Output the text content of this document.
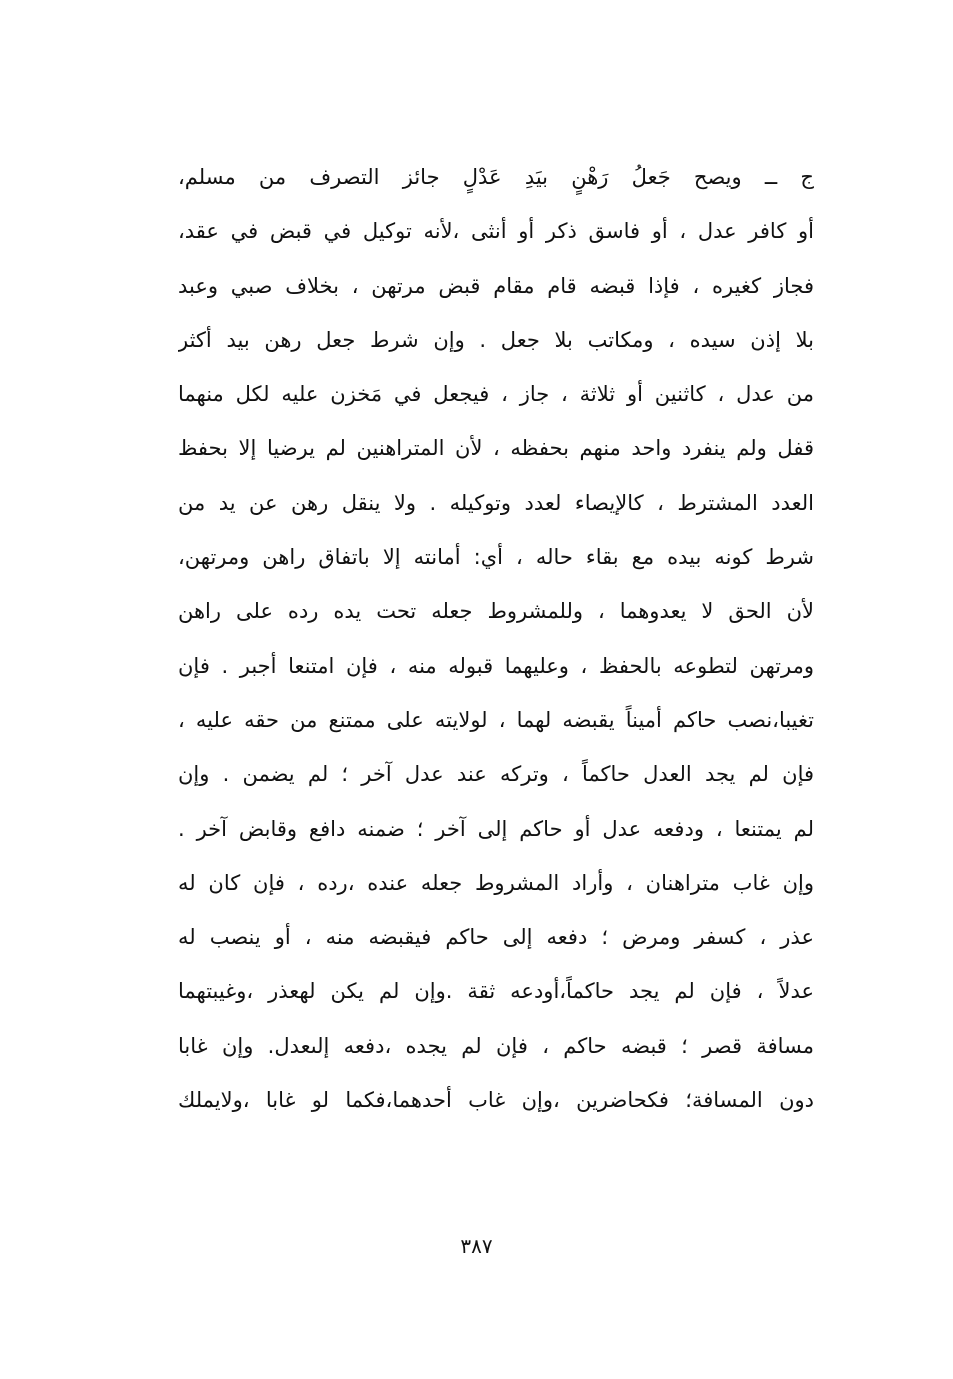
ج ــ ويصح جَعلُ رَهْنٍ بيَدِ عَدْلٍ جائز التصرف من مسلم،
أو كافر عدل ، أو فاسق ذكر أو أنثى ،لأنه توكيل في قبض في عقد،
فجاز كغيره ، فإذا قبضه قام مقام قبض مرتهن ، بخلاف صبي وعبد
بلا إذن سيده ، ومكاتب بلا جعل . وإن شرط جعل رهن بيد أكثر
من عدل ، كاثنين أو ثلاثة ، جاز ، فيجعل في مَخزن عليه لكل منهما
قفل ولم ينفرد واحد منهم بحفظه ، لأن المتراهنين لم يرضيا إلا بحفظ
العدد المشترط ، كالإيصاء لعدد وتوكيله . ولا ينقل رهن عن يد من
شرط كونه بيده مع بقاء حاله ، أي: أمانته إلا باتفاق راهن ومرتهن،
لأن الحق لا يعدوهما ، وللمشروط جعله تحت يده رده على راهن
ومرتهن لتطوعه بالحفظ ، وعليهما قبوله منه ، فإن امتنعا أجبر . فإن
تغيبا،نصب حاكم أميناً يقبضه لهما ، لولايته على ممتنع من حقه عليه ،
فإن لم يجد العدل حاكماً ، وتركه عند عدل آخر ؛ لم يضمن . وإن
لم يمتنعا ، ودفعه عدل أو حاكم إلى آخر ؛ ضمنه دافع وقابض آخر .
وإن غاب متراهنان ، وأراد المشروط جعله عنده ،رده ، فإن كان له
عذر ، كسفر ومرض ؛ دفعه إلى حاكم فيقبضه منه ، أو ينصب له
عدلاً ، فإن لم يجد حاكماً،أودعه ثقة .وإن لم يكن لهعذر ،وغيبتهما
مسافة قصر ؛ قبضه حاكم ، فإن لم يجده ،دفعه إلىعدل. وإن غابا
دون المسافة؛ فكحاضرين ،وإن غاب أحدهما،فكما لو غابا ،ولايملك
٣٨٧
